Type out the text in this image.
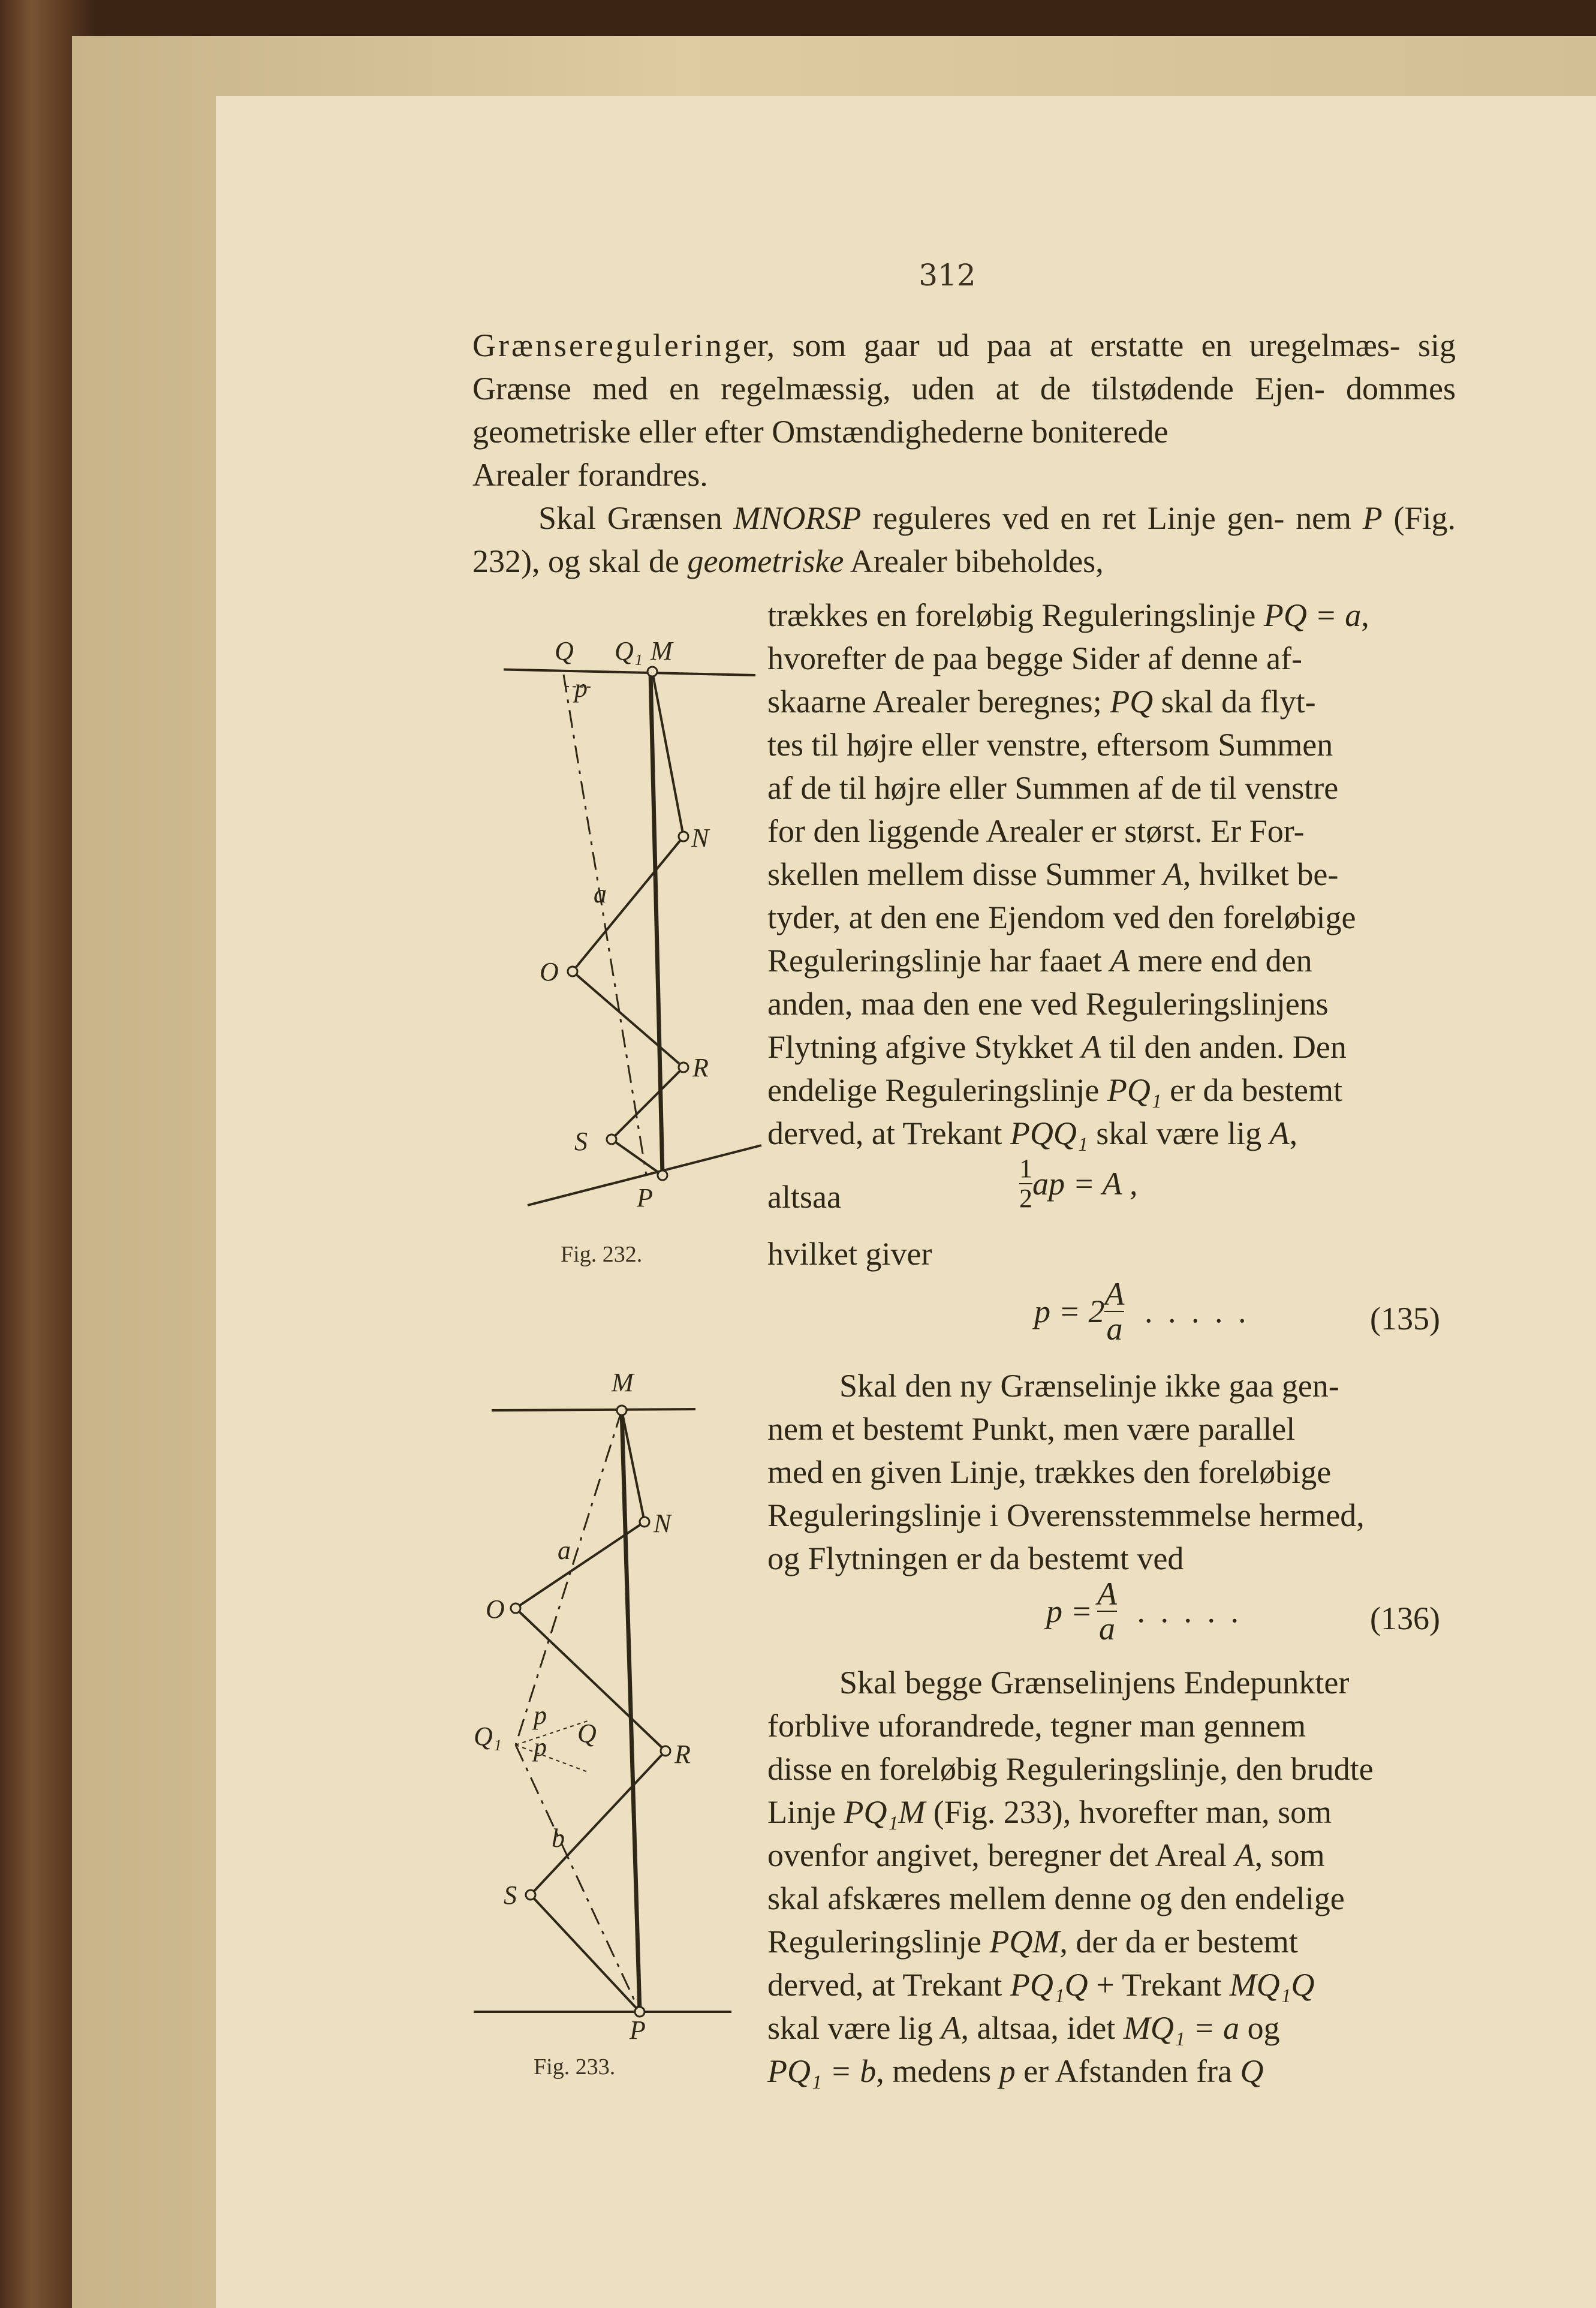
312

Grænsereguleringer, som gaar ud paa at erstatte en uregelmæs- sig Grænse med en regelmæssig, uden at de tilstødende Ejen- dommes geometriske eller efter Omstændighederne boniterede
Arealer forandres.

Skal Grænsen MNORSP reguleres ved en ret Linje gen- nem P (Fig. 232), og skal de geometriske Arealer bibeholdes,

trækkes en foreløbig Reguleringslinje PQ = a,
hvorefter de paa begge Sider af denne af-
skaarne Arealer beregnes; PQ skal da flyt-
tes til højre eller venstre, eftersom Summen
af de til højre eller Summen af de til venstre
for den liggende Arealer er størst. Er For-
skellen mellem disse Summer A, hvilket be-
tyder, at den ene Ejendom ved den foreløbige
Reguleringslinje har faaet A mere end den
anden, maa den ene ved Reguleringslinjens
Flytning afgive Stykket A til den anden. Den
endelige Reguleringslinje PQ₁ er da bestemt
derved, at Trekant PQQ₁ skal være lig A,
altsaa	$\frac{1}{2}$ ap = A ,
hvilket giver
$p = 2 \frac{A}{a}$ . . . . .	(135)
Skal den ny Grænselinje ikke gaa gen-
nem et bestemt Punkt, men være parallel
med en given Linje, trækkes den foreløbige
Reguleringslinje i Overensstemmelse hermed,
og Flytningen er da bestemt ved
$p = \frac{A}{a}$ . . . . .	(136)
Skal begge Grænselinjens Endepunkter
forblive uforandrede, tegner man gennem
disse en foreløbig Reguleringslinje, den brudte
Linje PQ₁M (Fig. 233), hvorefter man, som
ovenfor angivet, beregner det Areal A, som
skal afskæres mellem denne og den endelige
Reguleringslinje PQM, der da er bestemt
derved, at Trekant PQ₁Q + Trekant MQ₁Q
skal være lig A, altsaa, idet MQ₁ = a og
PQ₁ = b, medens p er Afstanden fra Q
Q Q₁ M
p
N
a
O
R
S
P
Fig. 232.
M
N
a
O
Q₁
p
p Q
R
b
S
P
Fig. 233.
